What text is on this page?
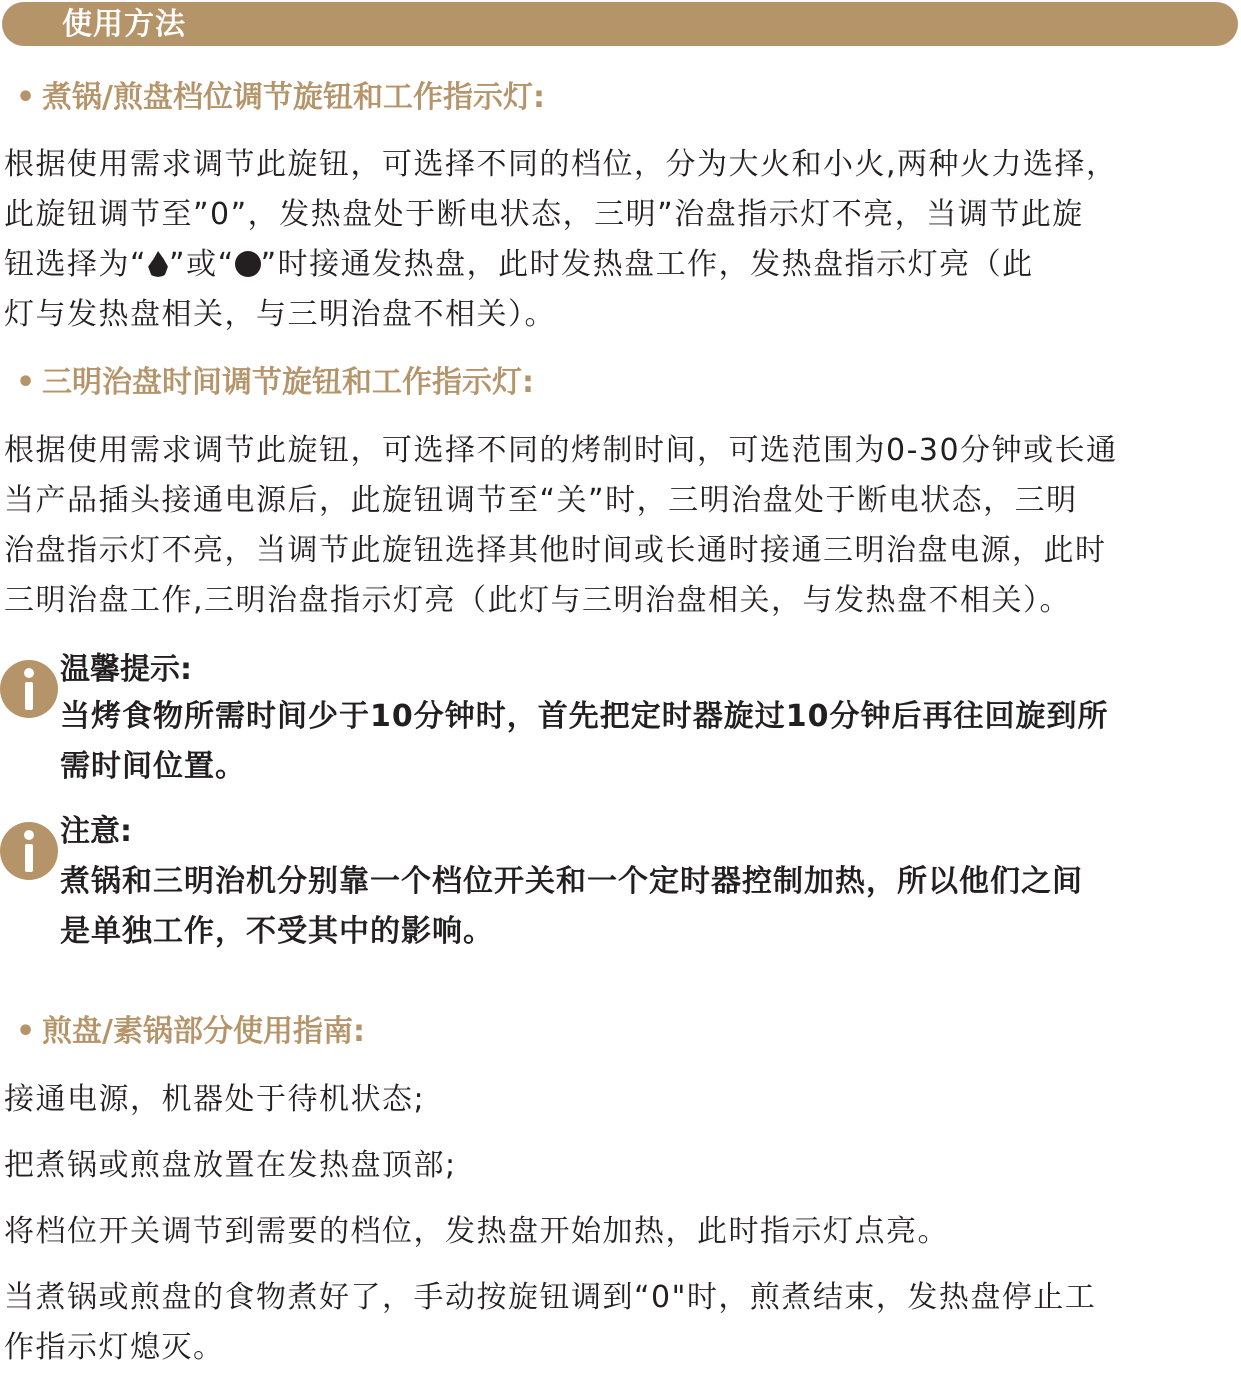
使用方法
• 煮锅/煎盘档位调节旋钮和工作指示灯:

根据使用需求调节此旋钮，可选择不同的档位，分为大火和小火,两种火力选择，

此旋钮调节至”0”，发热盘处于断电状态，三明”治盘指示灯不亮，当调节此旋

钮选择为“ ”或“ ”时接通发热盘，此时发热盘工作，发热盘指示灯亮（此

灯与发热盘相关，与三明治盘不相关）。

• 三明治盘时间调节旋钮和工作指示灯:

根据使用需求调节此旋钮，可选择不同的烤制时间，可选范围为0-30分钟或长通

当产品插头接通电源后，此旋钮调节至“关”时，三明治盘处于断电状态，三明

治盘指示灯不亮，当调节此旋钮选择其他时间或长通时接通三明治盘电源，此时

三明治盘工作,三明治盘指示灯亮（此灯与三明治盘相关，与发热盘不相关）。

温馨提示:
当烤食物所需时间少于10分钟时，首先把定时器旋过10分钟后再往回旋到所
需时间位置。
注意:
煮锅和三明治机分别靠一个档位开关和一个定时器控制加热，所以他们之间
是单独工作，不受其中的影响。
• 煎盘/素锅部分使用指南:

接通电源，机器处于待机状态;

把煮锅或煎盘放置在发热盘顶部;

将档位开关调节到需要的档位，发热盘开始加热，此时指示灯点亮。

当煮锅或煎盘的食物煮好了，手动按旋钮调到“0"时，煎煮结束，发热盘停止工

作指示灯熄灭。
